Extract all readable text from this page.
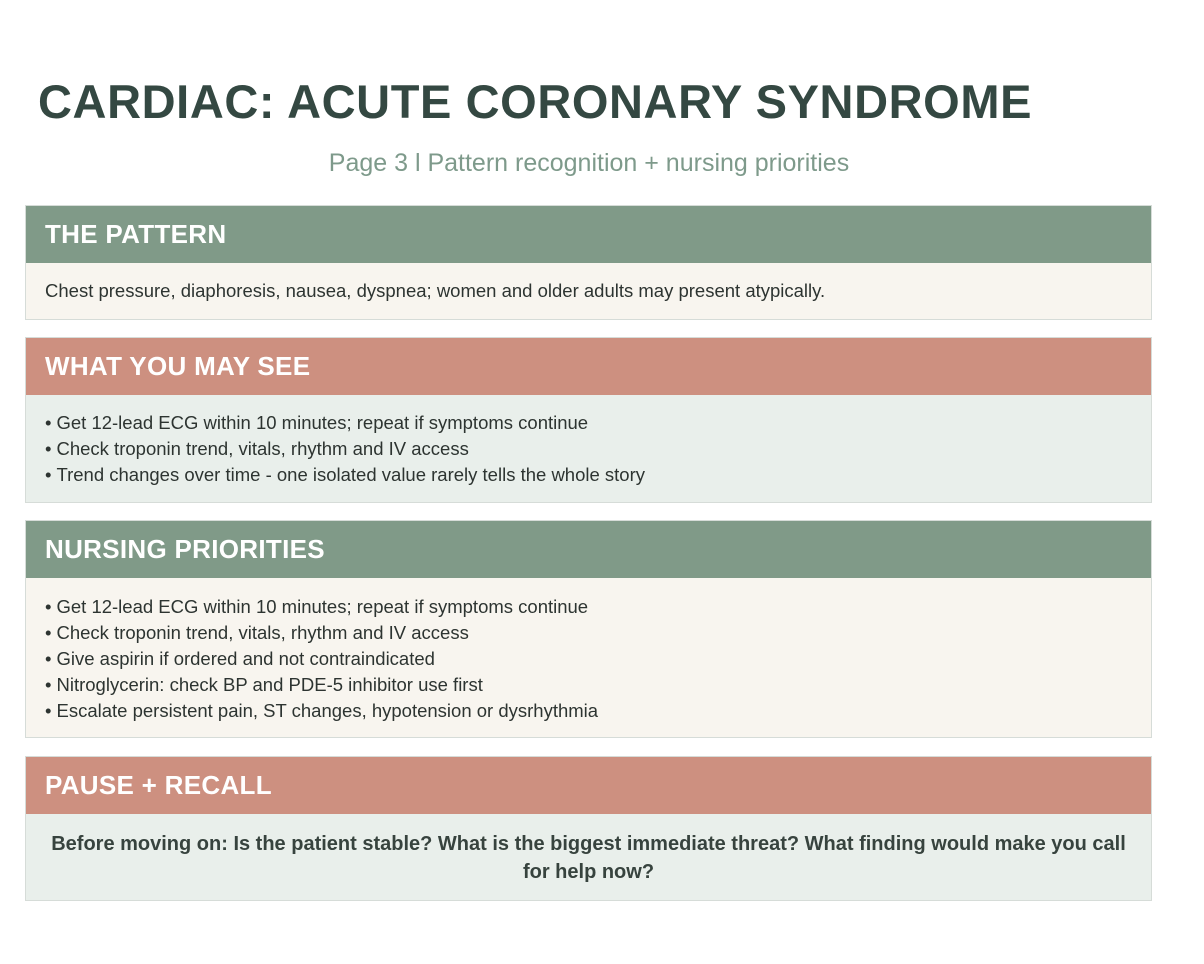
CARDIAC: ACUTE CORONARY SYNDROME
Page 3 l Pattern recognition + nursing priorities
THE PATTERN
Chest pressure, diaphoresis, nausea, dyspnea; women and older adults may present atypically.
WHAT YOU MAY SEE
• Get 12-lead ECG within 10 minutes; repeat if symptoms continue
• Check troponin trend, vitals, rhythm and IV access
• Trend changes over time - one isolated value rarely tells the whole story
NURSING PRIORITIES
• Get 12-lead ECG within 10 minutes; repeat if symptoms continue
• Check troponin trend, vitals, rhythm and IV access
• Give aspirin if ordered and not contraindicated
• Nitroglycerin: check BP and PDE-5 inhibitor use first
• Escalate persistent pain, ST changes, hypotension or dysrhythmia
PAUSE + RECALL
Before moving on: Is the patient stable? What is the biggest immediate threat? What finding would make you call for help now?
